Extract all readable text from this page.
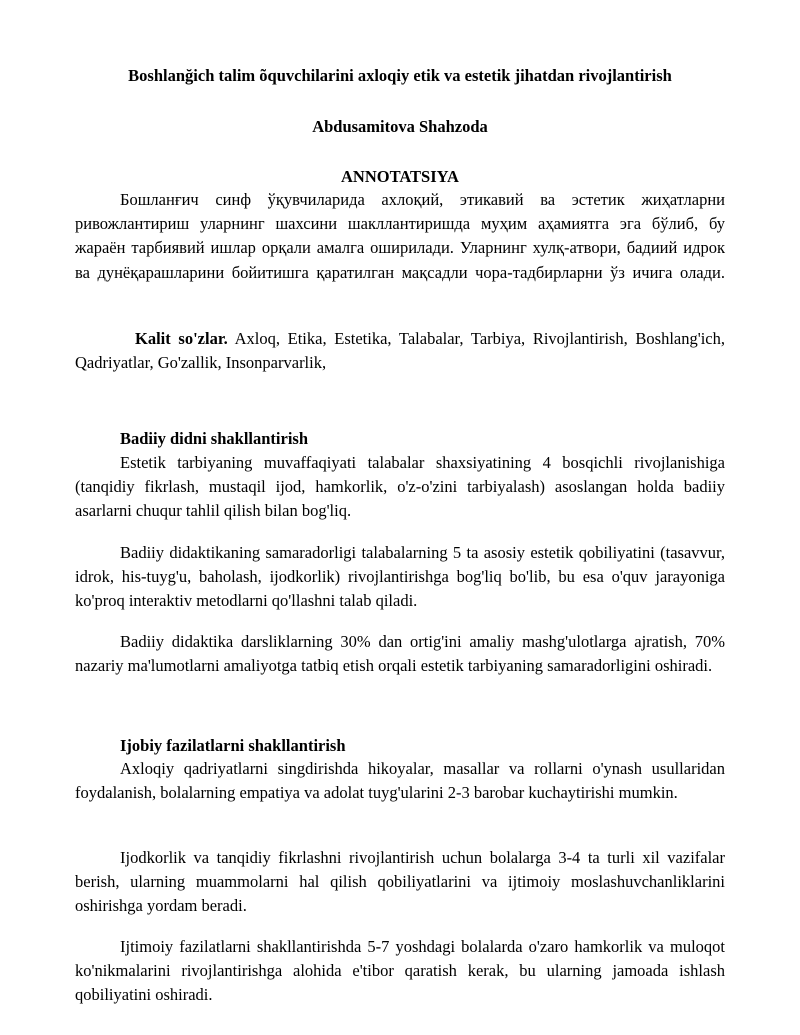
Boshlanğich talim õquvchilarini axloqiy etik va estetik jihatdan rivojlantirish

Abdusamitova Shahzoda

ANNOTATSIYA

Бошланғич синф ўқувчиларида ахлоқий, этикавий ва эстетик жиҳатларни ривожлантириш уларнинг шахсини шакллантиришда муҳим аҳамиятга эга бўлиб, бу жараён тарбиявий ишлар орқали амалга оширилади. Уларнинг хулқ-атвори, бадиий идрок ва дунёқарашларини бойитишга қаратилган мақсадли чора-тадбирларни ўз ичига олади.

Kalit so'zlar. Axloq, Etika, Estetika, Talabalar, Tarbiya, Rivojlantirish, Boshlang'ich, Qadriyatlar, Go'zallik, Insonparvarlik,

Badiiy didni shakllantirish

Estetik tarbiyaning muvaffaqiyati talabalar shaxsiyatining 4 bosqichli rivojlanishiga (tanqidiy fikrlash, mustaqil ijod, hamkorlik, o'z-o'zini tarbiyalash) asoslangan holda badiiy asarlarni chuqur tahlil qilish bilan bog'liq.

Badiiy didaktikaning samaradorligi talabalarning 5 ta asosiy estetik qobiliyatini (tasavvur, idrok, his-tuyg'u, baholash, ijodkorlik) rivojlantirishga bog'liq bo'lib, bu esa o'quv jarayoniga ko'proq interaktiv metodlarni qo'llashni talab qiladi.

Badiiy didaktika darsliklarning 30% dan ortig'ini amaliy mashg'ulotlarga ajratish, 70% nazariy ma'lumotlarni amaliyotga tatbiq etish orqali estetik tarbiyaning samaradorligini oshiradi.

Ijobiy fazilatlarni shakllantirish

Axloqiy qadriyatlarni singdirishda hikoyalar, masallar va rollarni o'ynash usullaridan foydalanish, bolalarning empatiya va adolat tuyg'ularini 2-3 barobar kuchaytirishi mumkin.

Ijodkorlik va tanqidiy fikrlashni rivojlantirish uchun bolalarga 3-4 ta turli xil vazifalar berish, ularning muammolarni hal qilish qobiliyatlarini va ijtimoiy moslashuvchanliklarini oshirishga yordam beradi.

Ijtimoiy fazilatlarni shakllantirishda 5-7 yoshdagi bolalarda o'zaro hamkorlik va muloqot ko'nikmalarini rivojlantirishga alohida e'tibor qaratish kerak, bu ularning jamoada ishlash qobiliyatini oshiradi.
